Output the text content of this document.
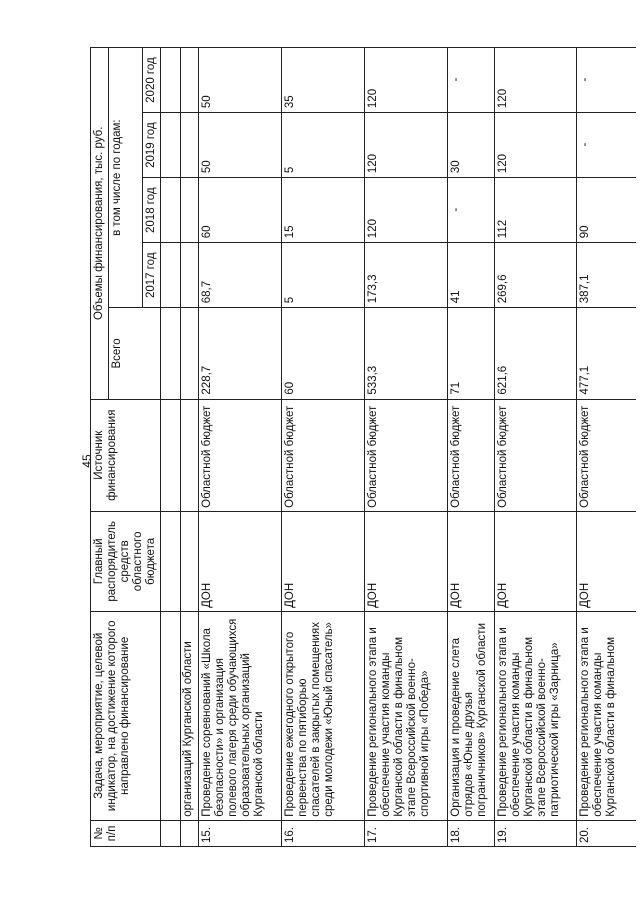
45
№ п/п	Задача, мероприятие, целевой индикатор, на достижение которого направлено финансирование	Главный распорядитель средств областного бюджета	Источник финансирования	Объемы финансирования, тыс. руб.				
				Всего	в том числе по годам:			
					2017 год	2018 год	2019 год	2020 год

	организаций Курганской области							
15.	Проведение соревнований «Школа безопасности» и организация полевого лагеря среди обучающихся образовательных организаций Курганской области	ДОН	Областной бюджет	228,7	68,7	60	50	50
16.	Проведение ежегодного открытого первенства по пятиборью спасателей в закрытых помещениях среди молодежи «Юный спасатель»	ДОН	Областной бюджет	60	5	15	5	35
17.	Проведение регионального этапа и обеспечение участия команды Курганской области в финальном этапе Всероссийской военно-спортивной игры «Победа»	ДОН	Областной бюджет	533,3	173,3	120	120	120
18.	Организация и проведение слета отрядов «Юные друзья пограничников» Курганской области	ДОН	Областной бюджет	71	41	-	30	-
19.	Проведение регионального этапа и обеспечение участия команды Курганской области в финальном этапе Всероссийской военно-патриотической игры «Зарница»	ДОН	Областной бюджет	621,6	269,6	112	120	120
20.	Проведение регионального этапа и обеспечение участия команды Курганской области в финальном	ДОН	Областной бюджет	477,1	387,1	90	-	-
